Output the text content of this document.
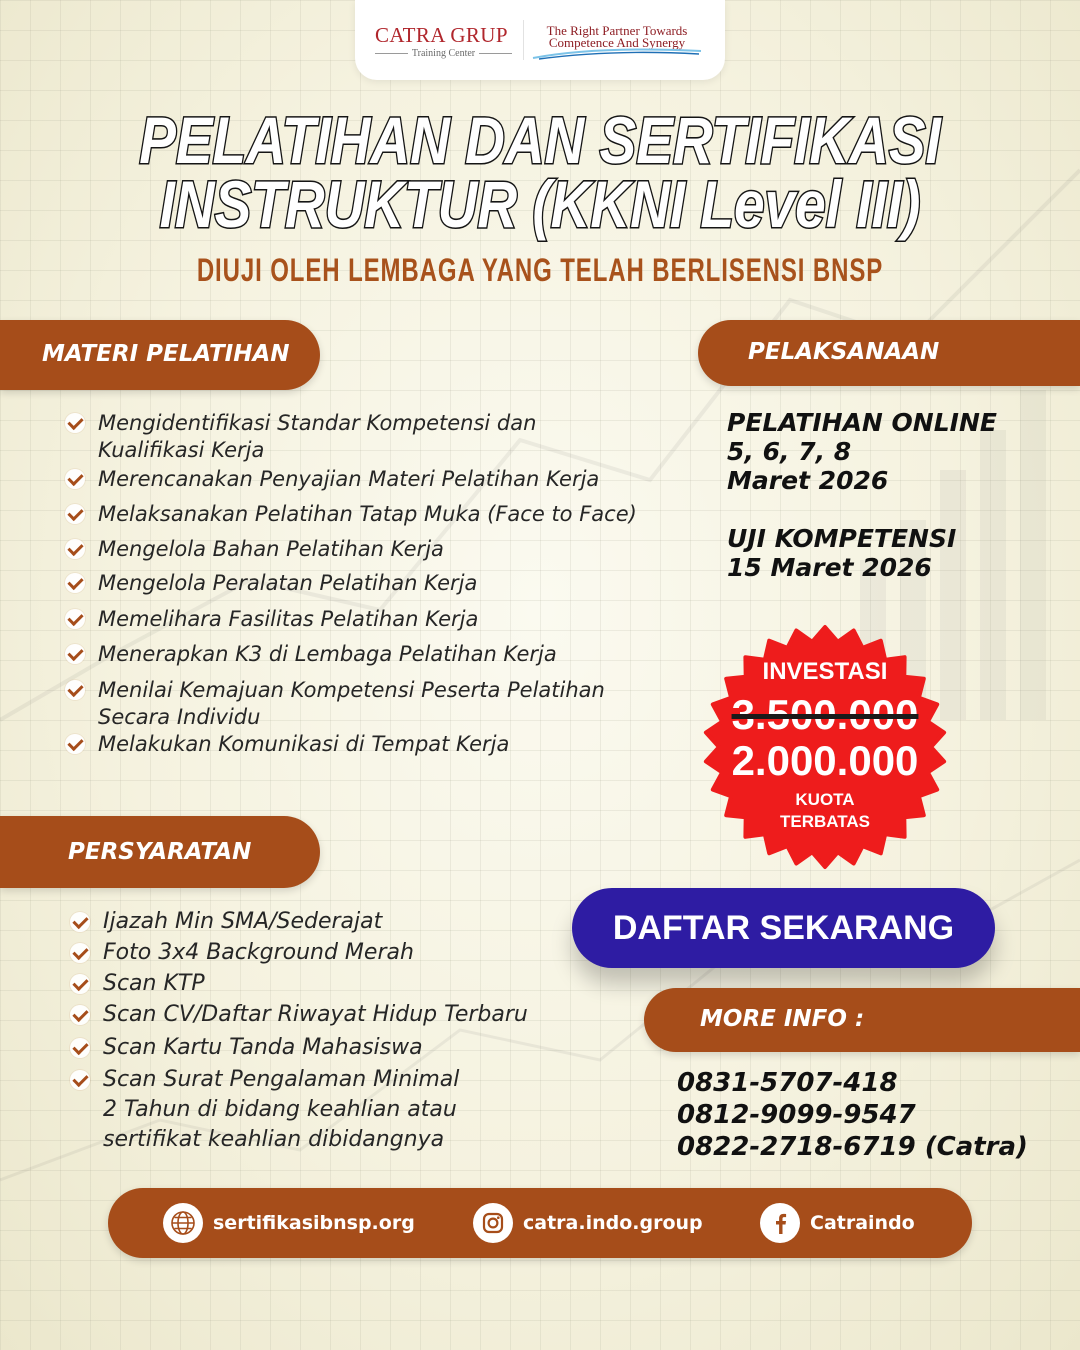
CATRA GRUP
Training Center
The Right Partner Towards
Competence And Synergy
PELATIHAN DAN SERTIFIKASI
INSTRUKTUR (KKNI Level III)
DIUJI OLEH LEMBAGA YANG TELAH BERLISENSI BNSP
MATERI PELATIHAN
Mengidentifikasi Standar Kompetensi dan
Kualifikasi Kerja
Merencanakan Penyajian Materi Pelatihan Kerja
Melaksanakan Pelatihan Tatap Muka (Face to Face)
Mengelola Bahan Pelatihan Kerja
Mengelola Peralatan Pelatihan Kerja
Memelihara Fasilitas Pelatihan Kerja
Menerapkan K3 di Lembaga Pelatihan Kerja
Menilai Kemajuan Kompetensi Peserta Pelatihan
Secara Individu
Melakukan Komunikasi di Tempat Kerja
PELAKSANAAN
PELATIHAN ONLINE
5, 6, 7, 8
Maret 2026
UJI KOMPETENSI
15 Maret 2026
INVESTASI
3.500.000
2.000.000
KUOTA
TERBATAS
PERSYARATAN
Ijazah Min SMA/Sederajat
Foto 3x4 Background Merah
Scan KTP
Scan CV/Daftar Riwayat Hidup Terbaru
Scan Kartu Tanda Mahasiswa
Scan Surat Pengalaman Minimal
2 Tahun di bidang keahlian atau
sertifikat keahlian dibidangnya
DAFTAR SEKARANG
MORE INFO :
0831-5707-418
0812-9099-9547
0822-2718-6719 (Catra)
sertifikasibnsp.org	catra.indo.group	Catraindo
